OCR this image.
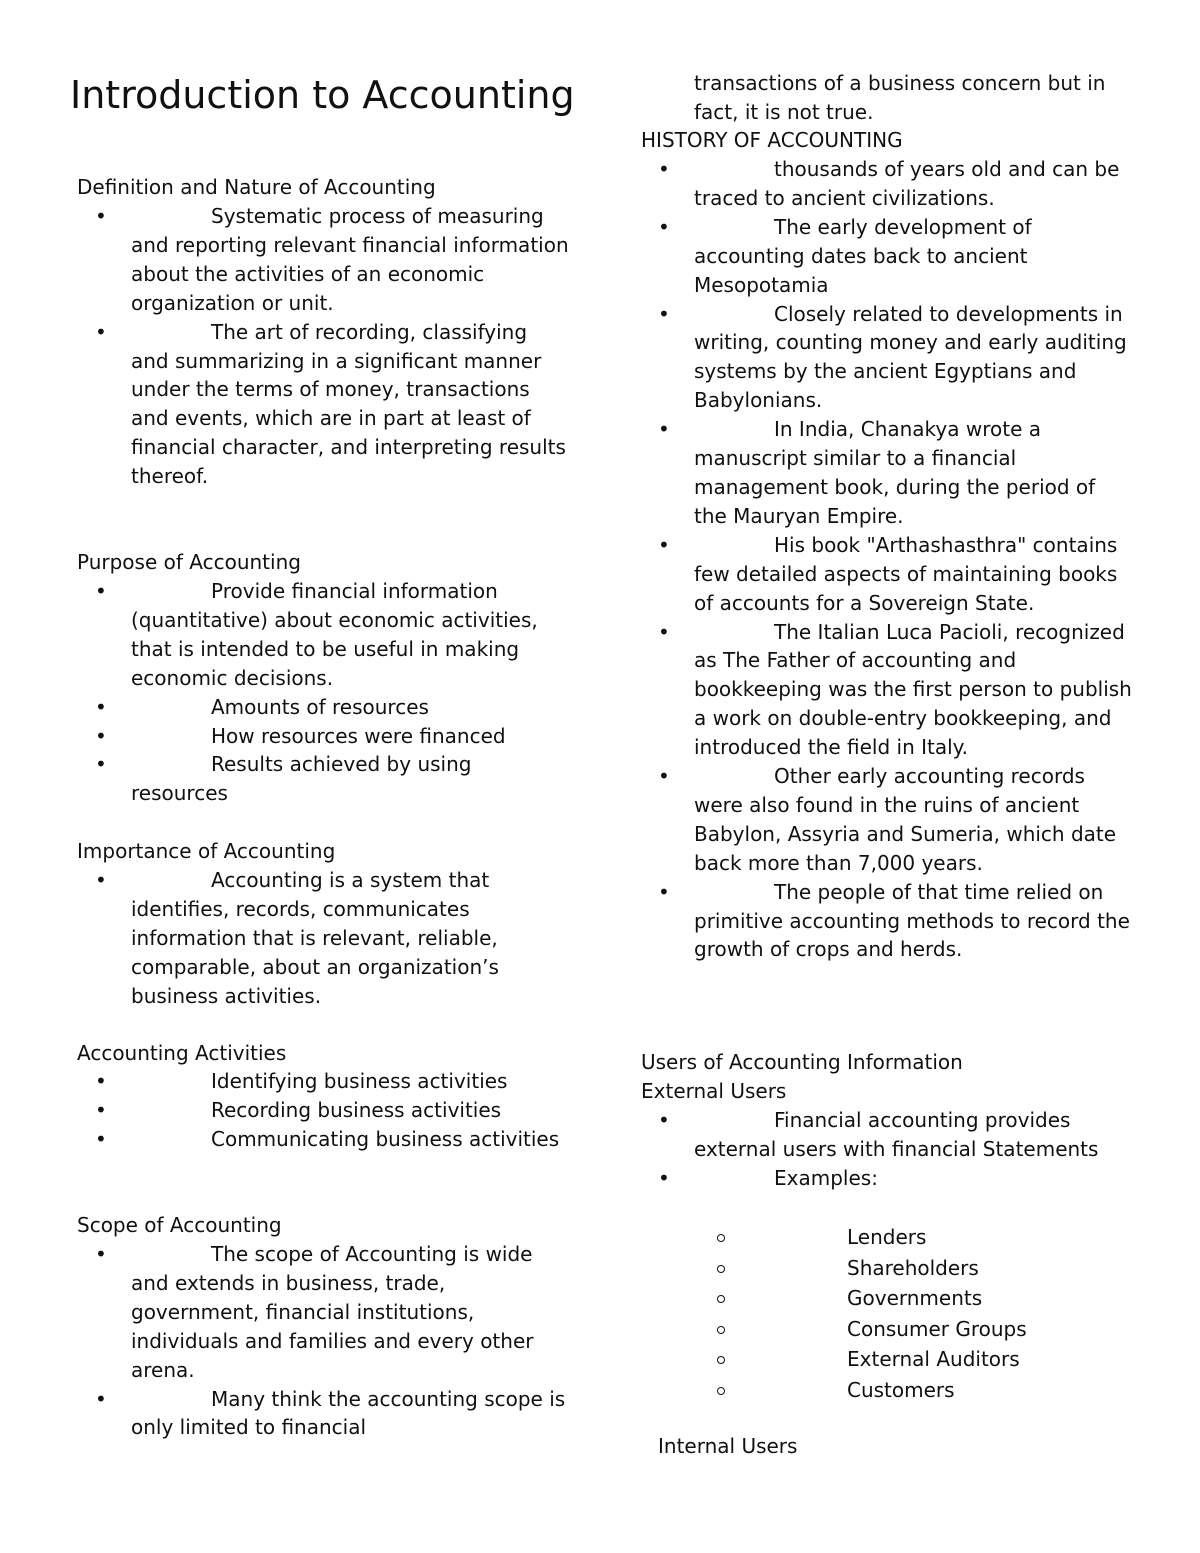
Introduction to Accounting
Definition and Nature of Accounting
• Systematic process of measuring and reporting relevant financial information about the activities of an economic organization or unit.
• The art of recording, classifying and summarizing in a significant manner under the terms of money, transactions and events, which are in part at least of financial character, and interpreting results thereof.
Purpose of Accounting
• Provide financial information (quantitative) about economic activities, that is intended to be useful in making economic decisions.
• Amounts of resources
• How resources were financed
• Results achieved by using resources
Importance of Accounting
• Accounting is a system that identifies, records, communicates information that is relevant, reliable, comparable, about an organization’s business activities.
Accounting Activities
• Identifying business activities
• Recording business activities
• Communicating business activities
Scope of Accounting
• The scope of Accounting is wide and extends in business, trade, government, financial institutions, individuals and families and every other arena.
• Many think the accounting scope is only limited to financial
transactions of a business concern but in fact, it is not true.
HISTORY OF ACCOUNTING
• thousands of years old and can be traced to ancient civilizations.
• The early development of accounting dates back to ancient Mesopotamia
• Closely related to developments in writing, counting money and early auditing systems by the ancient Egyptians and Babylonians.
• In India, Chanakya wrote a manuscript similar to a financial management book, during the period of the Mauryan Empire.
• His book "Arthashasthra" contains few detailed aspects of maintaining books of accounts for a Sovereign State.
• The Italian Luca Pacioli, recognized as The Father of accounting and bookkeeping was the first person to publish a work on double-entry bookkeeping, and introduced the field in Italy.
• Other early accounting records were also found in the ruins of ancient Babylon, Assyria and Sumeria, which date back more than 7,000 years.
• The people of that time relied on primitive accounting methods to record the growth of crops and herds.
Users of Accounting Information
External Users
• Financial accounting provides external users with financial Statements
• Examples:
Lenders
Shareholders
Governments
Consumer Groups
External Auditors
Customers
Internal Users
